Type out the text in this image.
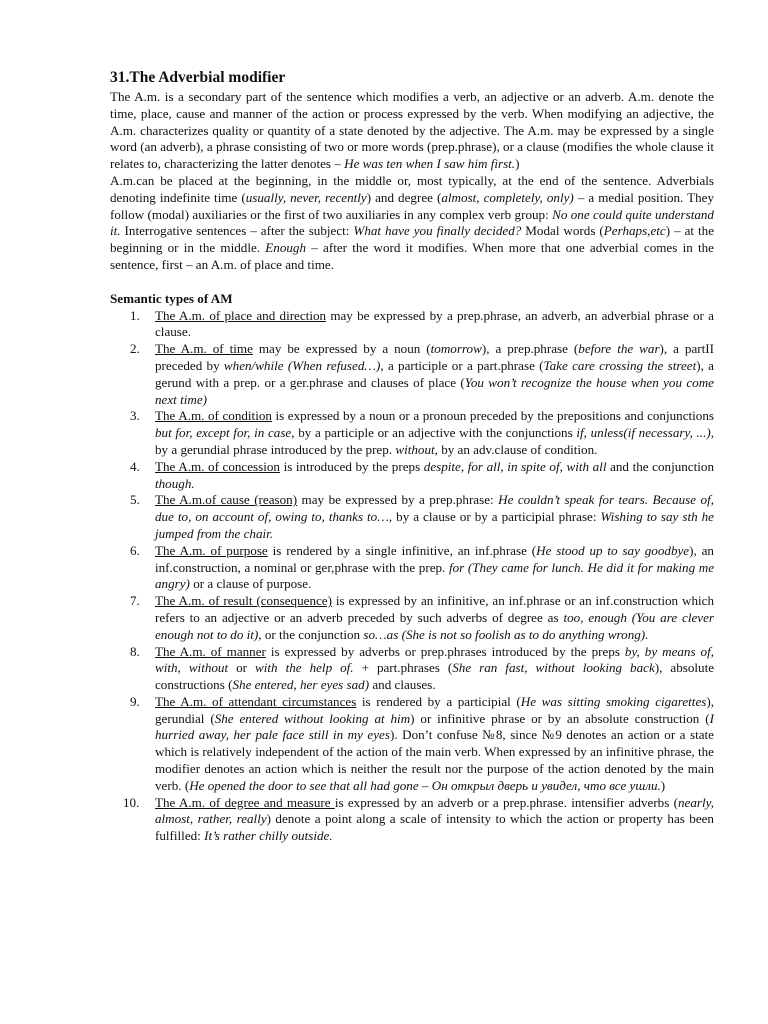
31.The Adverbial modifier

The A.m. is a secondary part of the sentence which modifies a verb, an adjective or an adverb. A.m. denote the time, place, cause and manner of the action or process expressed by the verb. When modifying an adjective, the A.m. characterizes quality or quantity of a state denoted by the adjective. The A.m. may be expressed by a single word (an adverb), a phrase consisting of two or more words (prep.phrase), or a clause (modifies the whole clause it relates to, characterizing the latter denotes – He was ten when I saw him first.)

A.m.can be placed at the beginning, in the middle or, most typically, at the end of the sentence. Adverbials denoting indefinite time (usually, never, recently) and degree (almost, completely, only) – a medial position. They follow (modal) auxiliaries or the first of two auxiliaries in any complex verb group: No one could quite understand it. Interrogative sentences – after the subject: What have you finally decided? Modal words (Perhaps,etc) – at the beginning or in the middle. Enough – after the word it modifies. When more that one adverbial comes in the sentence, first – an A.m. of place and time.

Semantic types of AM

1. The A.m. of place and direction may be expressed by a prep.phrase, an adverb, an adverbial phrase or a clause.
2. The A.m. of time may be expressed by a noun (tomorrow), a prep.phrase (before the war), a partII preceded by when/while (When refused…), a participle or a part.phrase (Take care crossing the street), a gerund with a prep. or a ger.phrase and clauses of place (You won’t recognize the house when you come next time)
3. The A.m. of condition is expressed by a noun or a pronoun preceded by the prepositions and conjunctions but for, except for, in case, by a participle or an adjective with the conjunctions if, unless(if necessary, ...), by a gerundial phrase introduced by the prep. without, by an adv.clause of condition.
4. The A.m. of concession is introduced by the preps despite, for all, in spite of, with all and the conjunction though.
5. The A.m.of cause (reason) may be expressed by a prep.phrase: He couldn’t speak for tears. Because of, due to, on account of, owing to, thanks to…, by a clause or by a participial phrase: Wishing to say sth he jumped from the chair.
6. The A.m. of purpose is rendered by a single infinitive, an inf.phrase (He stood up to say goodbye), an inf.construction, a nominal or ger,phrase with the prep. for (They came for lunch. He did it for making me angry) or a clause of purpose.
7. The A.m. of result (consequence) is expressed by an infinitive, an inf.phrase or an inf.construction which refers to an adjective or an adverb preceded by such adverbs of degree as too, enough (You are clever enough not to do it), or the conjunction so…as (She is not so foolish as to do anything wrong).
8. The A.m. of manner is expressed by adverbs or prep.phrases introduced by the preps by, by means of, with, without or with the help of. + part.phrases (She ran fast, without looking back), absolute constructions (She entered, her eyes sad) and clauses.
9. The A.m. of attendant circumstances is rendered by a participial (He was sitting smoking cigarettes), gerundial (She entered without looking at him) or infinitive phrase or by an absolute construction (I hurried away, her pale face still in my eyes). Don’t confuse №8, since №9 denotes an action or a state which is relatively independent of the action of the main verb. When expressed by an infinitive phrase, the modifier denotes an action which is neither the result nor the purpose of the action denoted by the main verb. (He opened the door to see that all had gone – Он открыл дверь и увидел, что все ушли.)
10. The A.m. of degree and measure is expressed by an adverb or a prep.phrase. intensifier adverbs (nearly, almost, rather, really) denote a point along a scale of intensity to which the action or property has been fulfilled: It’s rather chilly outside.
